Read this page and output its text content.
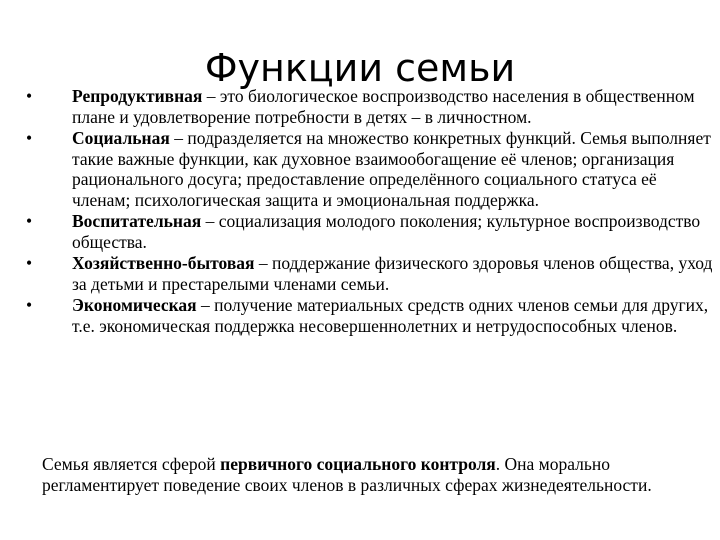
Функции семьи
•	Репродуктивная – это биологическое воспроизводство населения в общественном плане и удовлетворение потребности в детях – в личностном.
•	Социальная – подразделяется на множество конкретных функций. Семья выполняет такие важные функции, как духовное взаимообогащение её членов; организация рационального досуга; предоставление определённого социального статуса её членам; психологическая защита и эмоциональная поддержка.
•	Воспитательная – социализация молодого поколения; культурное воспроизводство общества.
•	Хозяйственно-бытовая – поддержание физического здоровья членов общества, уход за детьми и престарелыми членами семьи.
•	Экономическая – получение материальных средств одних членов семьи для других, т.е. экономическая поддержка несовершеннолетних и нетрудоспособных членов.

Семья является сферой первичного социального контроля. Она морально регламентирует поведение своих членов в различных сферах жизнедеятельности.
